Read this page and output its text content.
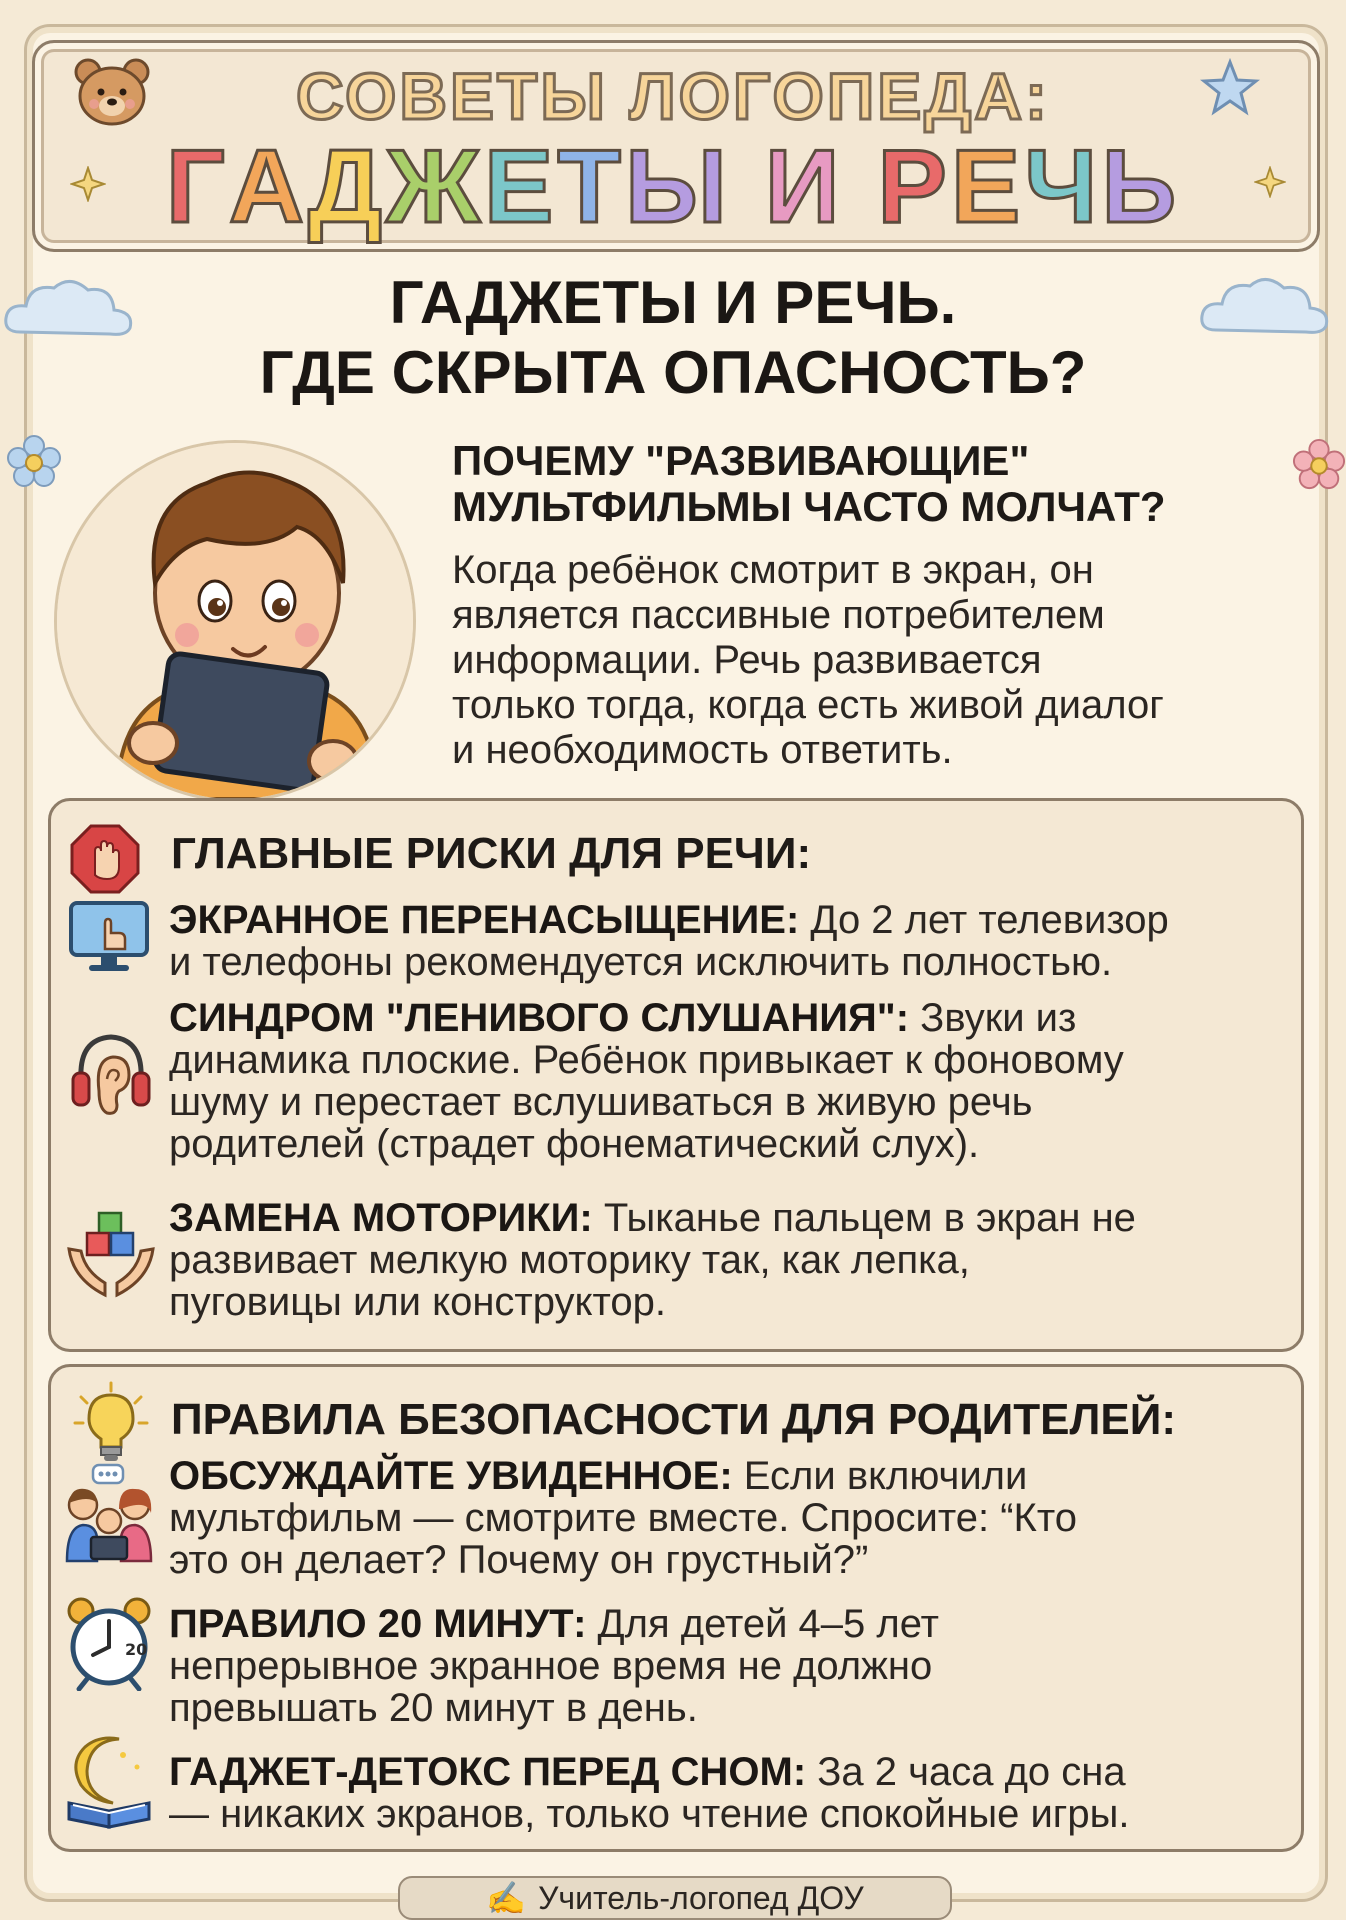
СОВЕТЫ ЛОГОПЕДА:
ГАДЖЕТЫ И РЕЧЬ
ГАДЖЕТЫ И РЕЧЬ.
ГДЕ СКРЫТА ОПАСНОСТЬ?
ПОЧЕМУ "РАЗВИВАЮЩИЕ"
МУЛЬТФИЛЬМЫ ЧАСТО МОЛЧАТ?
Когда ребёнок смотрит в экран, он
является пассивные потребителем
информации. Речь развивается
только тогда, когда есть живой диалог
и необходимость ответить.
ГЛАВНЫЕ РИСКИ ДЛЯ РЕЧИ:
ЭКРАННОЕ ПЕРЕНАСЫЩЕНИЕ: До 2 лет телевизор
и телефоны рекомендуется исключить полностью.
СИНДРОМ "ЛЕНИВОГО СЛУШАНИЯ": Звуки из
динамика плоские. Ребёнок привыкает к фоновому
шуму и перестает вслушиваться в живую речь
родителей (страдет фонематический слух).
ЗАМЕНА МОТОРИКИ: Тыканье пальцем в экран не
развивает мелкую моторику так, как лепка,
пуговицы или конструктор.
ПРАВИЛА БЕЗОПАСНОСТИ ДЛЯ РОДИТЕЛЕЙ:
ОБСУЖДАЙТЕ УВИДЕННОЕ: Если включили
мультфильм — смотрите вместе. Спросите: “Кто
это он делает? Почему он грустный?”
20
ПРАВИЛО 20 МИНУТ: Для детей 4–5 лет
непрерывное экранное время не должно
превышать 20 минут в день.
ГАДЖЕТ-ДЕТОКС ПЕРЕД СНОМ: За 2 часа до сна
— никаких экранов, только чтение спокойные игры.
✍ Учитель-логопед ДОУ
